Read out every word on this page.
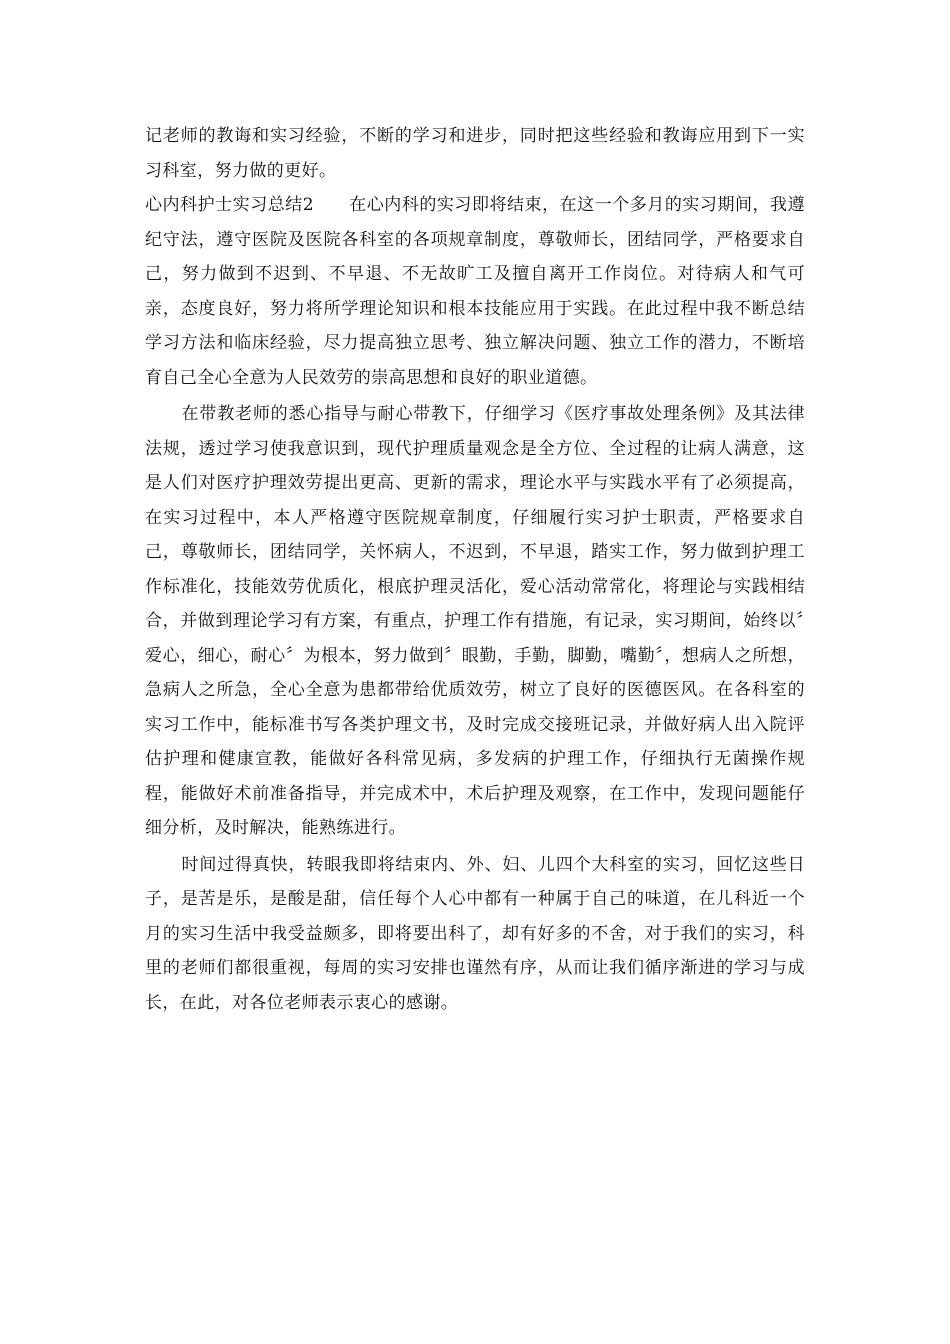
记老师的教诲和实习经验，不断的学习和进步，同时把这些经验和教诲应用到下一实习科室，努力做的更好。

心内科护士实习总结2　　 在心内科的实习即将结束，在这一个多月的实习期间，我遵纪守法，遵守医院及医院各科室的各项规章制度，尊敬师长，团结同学，严格要求自己，努力做到不迟到、不早退、不无故旷工及擅自离开工作岗位。对待病人和气可亲，态度良好，努力将所学理论知识和根本技能应用于实践。在此过程中我不断总结学习方法和临床经验，尽力提高独立思考、独立解决问题、独立工作的潜力，不断培育自己全心全意为人民效劳的崇高思想和良好的职业道德。

在带教老师的悉心指导与耐心带教下，仔细学习《医疗事故处理条例》及其法律法规，透过学习使我意识到，现代护理质量观念是全方位、全过程的让病人满意，这是人们对医疗护理效劳提出更高、更新的需求，理论水平与实践水平有了必须提高，在实习过程中，本人严格遵守医院规章制度，仔细履行实习护士职责，严格要求自己，尊敬师长，团结同学，关怀病人，不迟到，不早退，踏实工作，努力做到护理工作标准化，技能效劳优质化，根底护理灵活化，爱心活动常常化，将理论与实践相结合，并做到理论学习有方案，有重点，护理工作有措施，有记录，实习期间，始终以〞爱心，细心，耐心〞为根本，努力做到〞眼勤，手勤，脚勤，嘴勤〞，想病人之所想，急病人之所急，全心全意为患都带给优质效劳，树立了良好的医德医风。在各科室的实习工作中，能标准书写各类护理文书，及时完成交接班记录，并做好病人出入院评估护理和健康宣教，能做好各科常见病，多发病的护理工作，仔细执行无菌操作规程，能做好术前准备指导，并完成术中，术后护理及观察，在工作中，发现问题能仔细分析，及时解决，能熟练进行。

时间过得真快，转眼我即将结束内、外、妇、儿四个大科室的实习，回忆这些日子，是苦是乐，是酸是甜，信任每个人心中都有一种属于自己的味道，在儿科近一个月的实习生活中我受益颇多，即将要出科了，却有好多的不舍，对于我们的实习，科里的老师们都很重视，每周的实习安排也谨然有序，从而让我们循序渐进的学习与成长，在此，对各位老师表示衷心的感谢。
